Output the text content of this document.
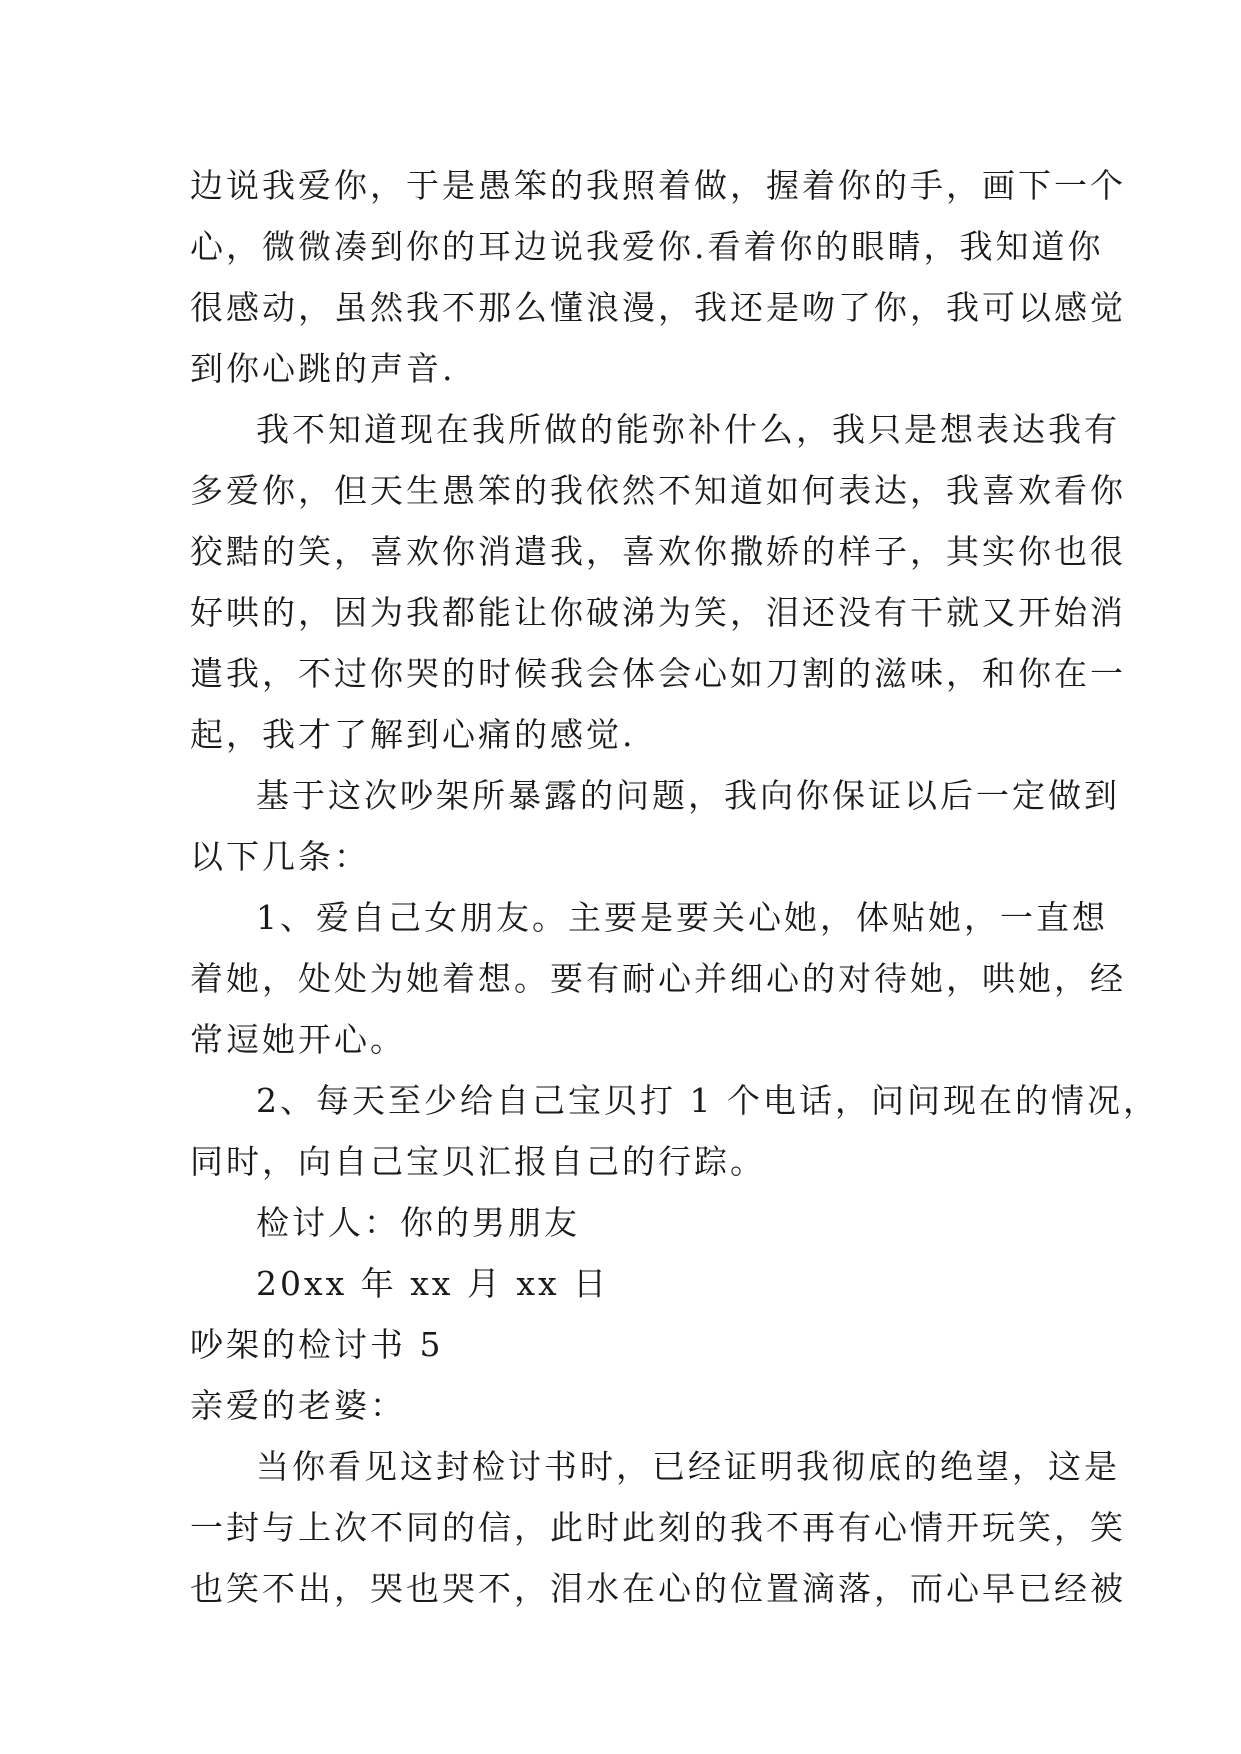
边说我爱你，于是愚笨的我照着做，握着你的手，画下一个
心，微微凑到你的耳边说我爱你.看着你的眼睛，我知道你
很感动，虽然我不那么懂浪漫，我还是吻了你，我可以感觉
到你心跳的声音.

我不知道现在我所做的能弥补什么，我只是想表达我有
多爱你，但天生愚笨的我依然不知道如何表达，我喜欢看你
狡黠的笑，喜欢你消遣我，喜欢你撒娇的样子，其实你也很
好哄的，因为我都能让你破涕为笑，泪还没有干就又开始消
遣我，不过你哭的时候我会体会心如刀割的滋味，和你在一
起，我才了解到心痛的感觉.

基于这次吵架所暴露的问题，我向你保证以后一定做到
以下几条：

1、爱自己女朋友。主要是要关心她，体贴她，一直想
着她，处处为她着想。要有耐心并细心的对待她，哄她，经
常逗她开心。

2、每天至少给自己宝贝打 1 个电话，问问现在的情况，
同时，向自己宝贝汇报自己的行踪。

检讨人：你的男朋友

20xx 年 xx 月 xx 日

吵架的检讨书 5

亲爱的老婆：

当你看见这封检讨书时，已经证明我彻底的绝望，这是
一封与上次不同的信，此时此刻的我不再有心情开玩笑，笑
也笑不出，哭也哭不，泪水在心的位置滴落，而心早已经被
